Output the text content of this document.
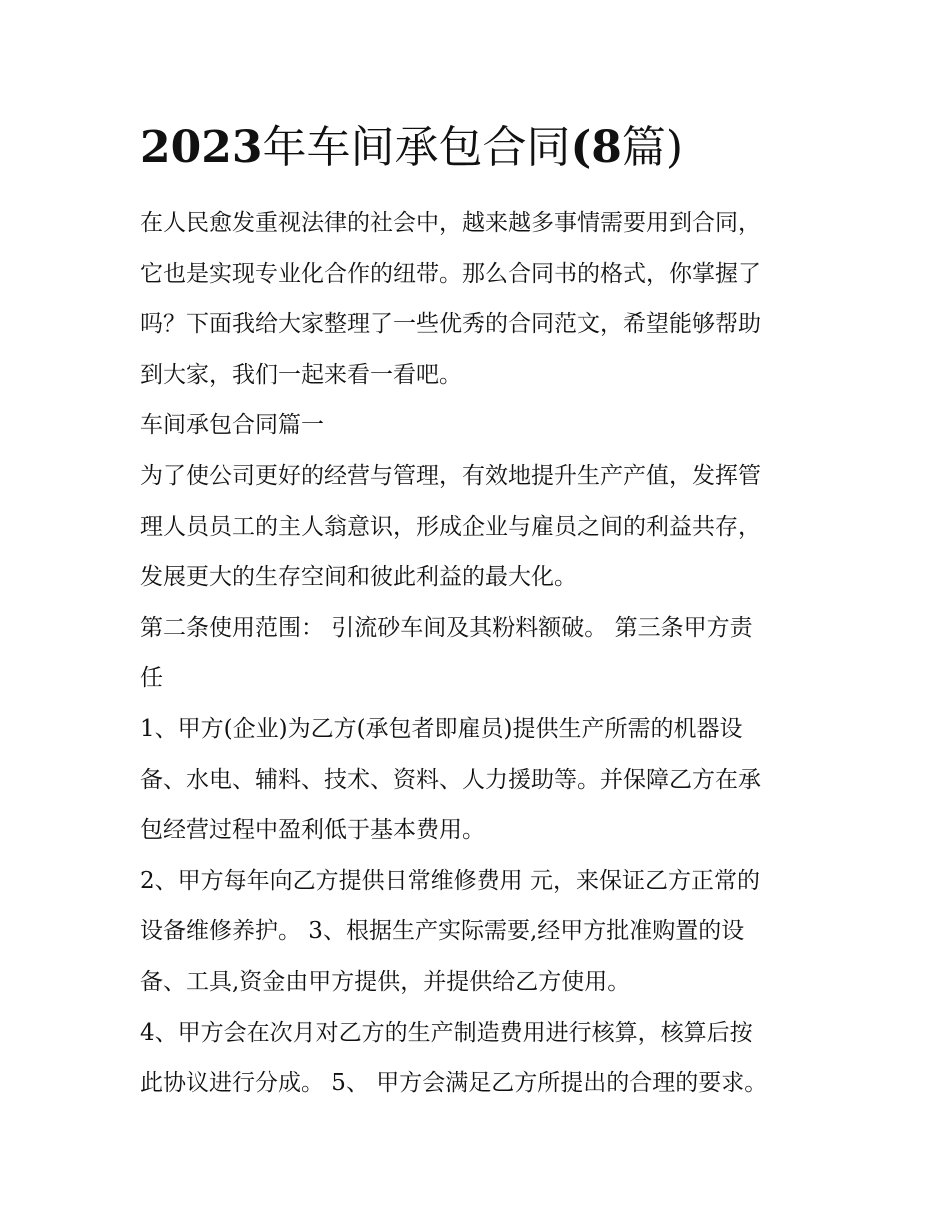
2023年车间承包合同(8篇)
在人民愈发重视法律的社会中，越来越多事情需要用到合同，
它也是实现专业化合作的纽带。那么合同书的格式，你掌握了
吗？下面我给大家整理了一些优秀的合同范文，希望能够帮助
到大家，我们一起来看一看吧。
车间承包合同篇一
为了使公司更好的经营与管理，有效地提升生产产值，发挥管
理人员员工的主人翁意识，形成企业与雇员之间的利益共存，
发展更大的生存空间和彼此利益的最大化。
第二条使用范围： 引流砂车间及其粉料额破。 第三条甲方责
任
1、甲方(企业)为乙方(承包者即雇员)提供生产所需的机器设
备、水电、辅料、技术、资料、人力援助等。并保障乙方在承
包经营过程中盈利低于基本费用。
2、甲方每年向乙方提供日常维修费用 元，来保证乙方正常的
设备维修养护。 3、根据生产实际需要,经甲方批准购置的设
备、工具,资金由甲方提供，并提供给乙方使用。
4、甲方会在次月对乙方的生产制造费用进行核算，核算后按
此协议进行分成。 5、 甲方会满足乙方所提出的合理的要求。
